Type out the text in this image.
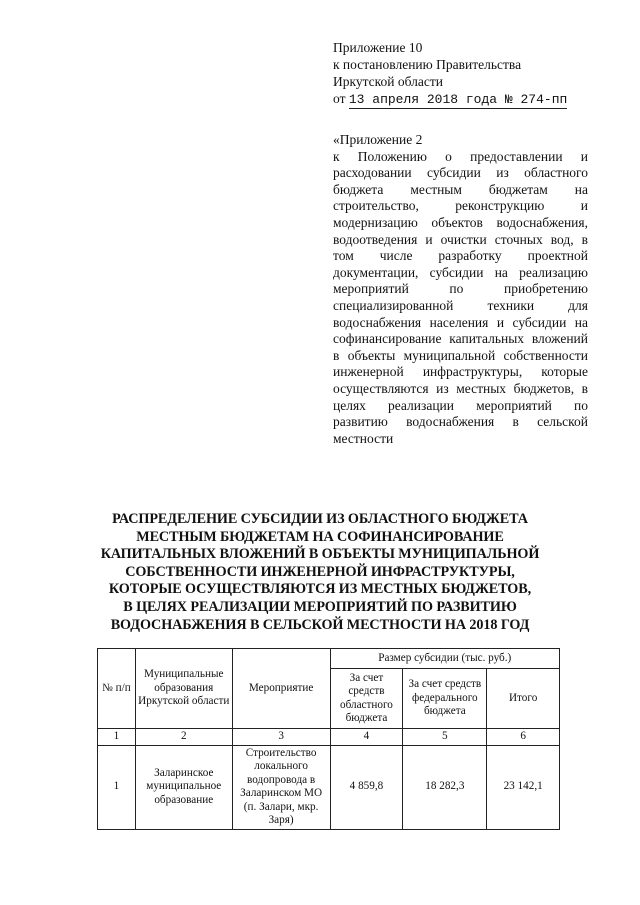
Приложение 10
к постановлению Правительства
Иркутской области
от 13 апреля 2018 года № 274-пп
«Приложение 2
к Положению о предоставлении и расходовании субсидии из областного бюджета местным бюджетам на строительство, реконструкцию и модернизацию объектов водоснабжения, водоотведения и очистки сточных вод, в том числе разработку проектной документации, субсидии на реализацию мероприятий по приобретению специализированной техники для водоснабжения населения и субсидии на софинансирование капитальных вложений в объекты муниципальной собственности инженерной инфраструктуры, которые осуществляются из местных бюджетов, в целях реализации мероприятий по развитию водоснабжения в сельской местности
РАСПРЕДЕЛЕНИЕ СУБСИДИИ ИЗ ОБЛАСТНОГО БЮДЖЕТА
МЕСТНЫМ БЮДЖЕТАМ НА СОФИНАНСИРОВАНИЕ
КАПИТАЛЬНЫХ ВЛОЖЕНИЙ В ОБЪЕКТЫ МУНИЦИПАЛЬНОЙ
СОБСТВЕННОСТИ ИНЖЕНЕРНОЙ ИНФРАСТРУКТУРЫ,
КОТОРЫЕ ОСУЩЕСТВЛЯЮТСЯ ИЗ МЕСТНЫХ БЮДЖЕТОВ,
В ЦЕЛЯХ РЕАЛИЗАЦИИ МЕРОПРИЯТИЙ ПО РАЗВИТИЮ
ВОДОСНАБЖЕНИЯ В СЕЛЬСКОЙ МЕСТНОСТИ НА 2018 ГОД
№ п/п	Муниципальные образования Иркутской области	Мероприятие	Размер субсидии (тыс. руб.)		
			За счет средств областного бюджета	За счет средств федерального бюджета	Итого
1	2	3	4	5	6
1	Заларинское муниципальное образование	Строительство локального водопровода в Заларинском МО (п. Залари, мкр. Заря)	4 859,8	18 282,3	23 142,1
